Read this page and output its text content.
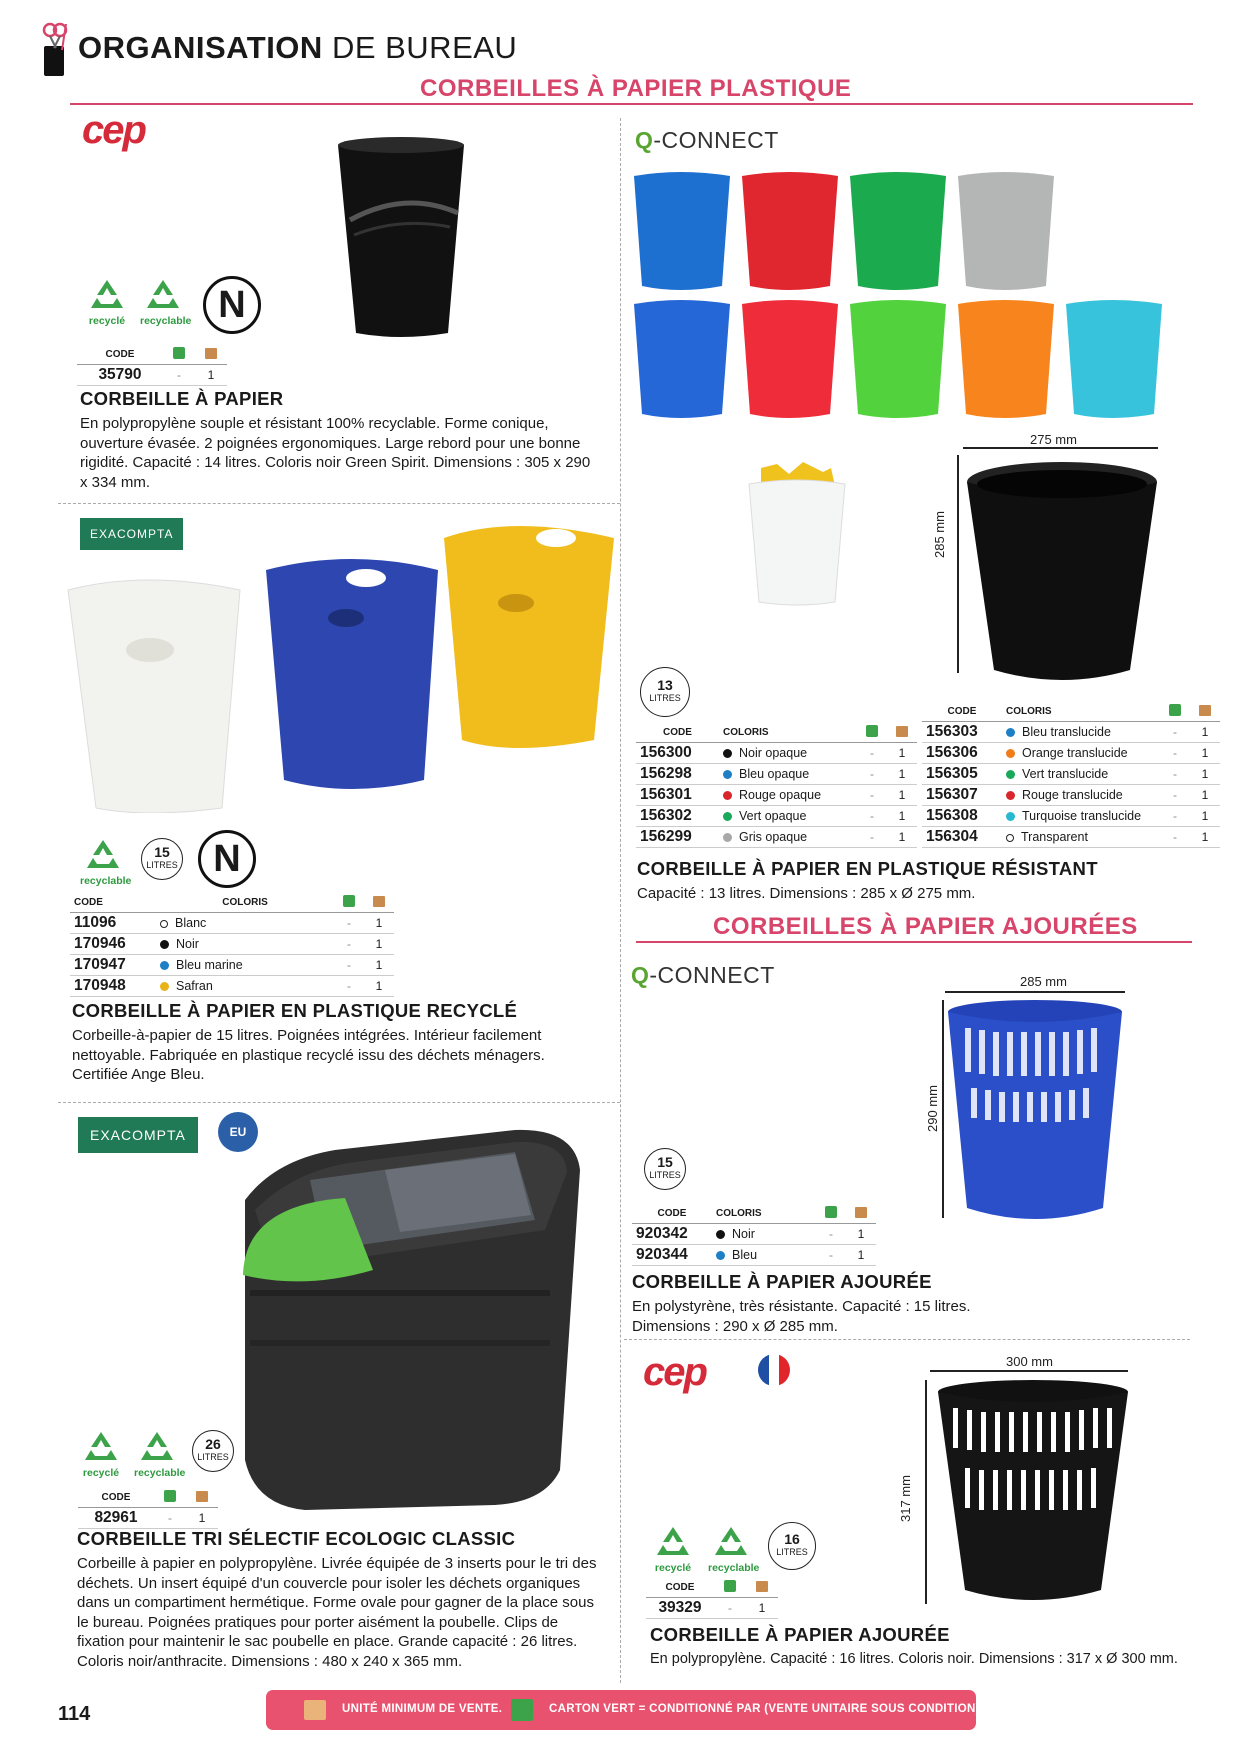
ORGANISATION DE BUREAU
CORBEILLES À PAPIER PLASTIQUE
cep
recyclé	recyclable N
CODE		
35790	-	1
CORBEILLE À PAPIER
En polypropylène souple et résistant 100% recyclable. Forme conique, ouverture évasée. 2 poignées ergonomiques. Large rebord pour une bonne rigidité. Capacité : 14 litres. Coloris noir Green Spirit. Dimensions : 305 x 290 x 334 mm.
EXACOMPTA
recyclable
15
LITRES N
CODE	COLORIS		
11096	Blanc	-	1
170946	Noir	-	1
170947	Bleu marine	-	1
170948	Safran	-	1
CORBEILLE À PAPIER EN PLASTIQUE RECYCLÉ
Corbeille-à-papier de 15 litres. Poignées intégrées. Intérieur facilement nettoyable. Fabriquée en plastique recyclé issu des déchets ménagers. Certifiée Ange Bleu.
EXACOMPTA	EU
recyclé	recyclable
26
LITRES
CODE		
82961	-	1
CORBEILLE TRI SÉLECTIF ECOLOGIC CLASSIC
Corbeille à papier en polypropylène. Livrée équipée de 3 inserts pour le tri des déchets. Un insert équipé d'un couvercle pour isoler les déchets organiques dans un compartiment hermétique. Forme ovale pour gagner de la place sous le bureau. Poignées pratiques pour porter aisément la poubelle. Clips de fixation pour maintenir le sac poubelle en place. Grande capacité : 26 litres. Coloris noir/anthracite. Dimensions : 480 x 240 x 365 mm.
Q-CONNECT
275 mm
285 mm
13
LITRES
CODE	COLORIS		
156300	Noir opaque	-	1
156298	Bleu opaque	-	1
156301	Rouge opaque	-	1
156302	Vert opaque	-	1
156299	Gris opaque	-	1
CODE	COLORIS		
156303	Bleu translucide	-	1
156306	Orange translucide	-	1
156305	Vert translucide	-	1
156307	Rouge translucide	-	1
156308	Turquoise translucide	-	1
156304	Transparent	-	1
CORBEILLE À PAPIER EN PLASTIQUE RÉSISTANT
Capacité : 13 litres. Dimensions : 285 x Ø 275 mm.
CORBEILLES À PAPIER AJOURÉES
Q-CONNECT	285 mm
290 mm
15
LITRES
CODE	COLORIS		
920342	Noir	-	1
920344	Bleu	-	1
CORBEILLE À PAPIER AJOURÉE
En polystyrène, très résistante. Capacité : 15 litres. Dimensions : 290 x Ø 285 mm.
cep	300 mm
317 mm
recyclé	recyclable
16
LITRES
CODE		
39329	-	1
CORBEILLE À PAPIER AJOURÉE
En polypropylène. Capacité : 16 litres. Coloris noir. Dimensions : 317 x Ø 300 mm.
114	UNITÉ MINIMUM DE VENTE.	CARTON VERT = CONDITIONNÉ PAR (VENTE UNITAIRE SOUS CONDITION).
